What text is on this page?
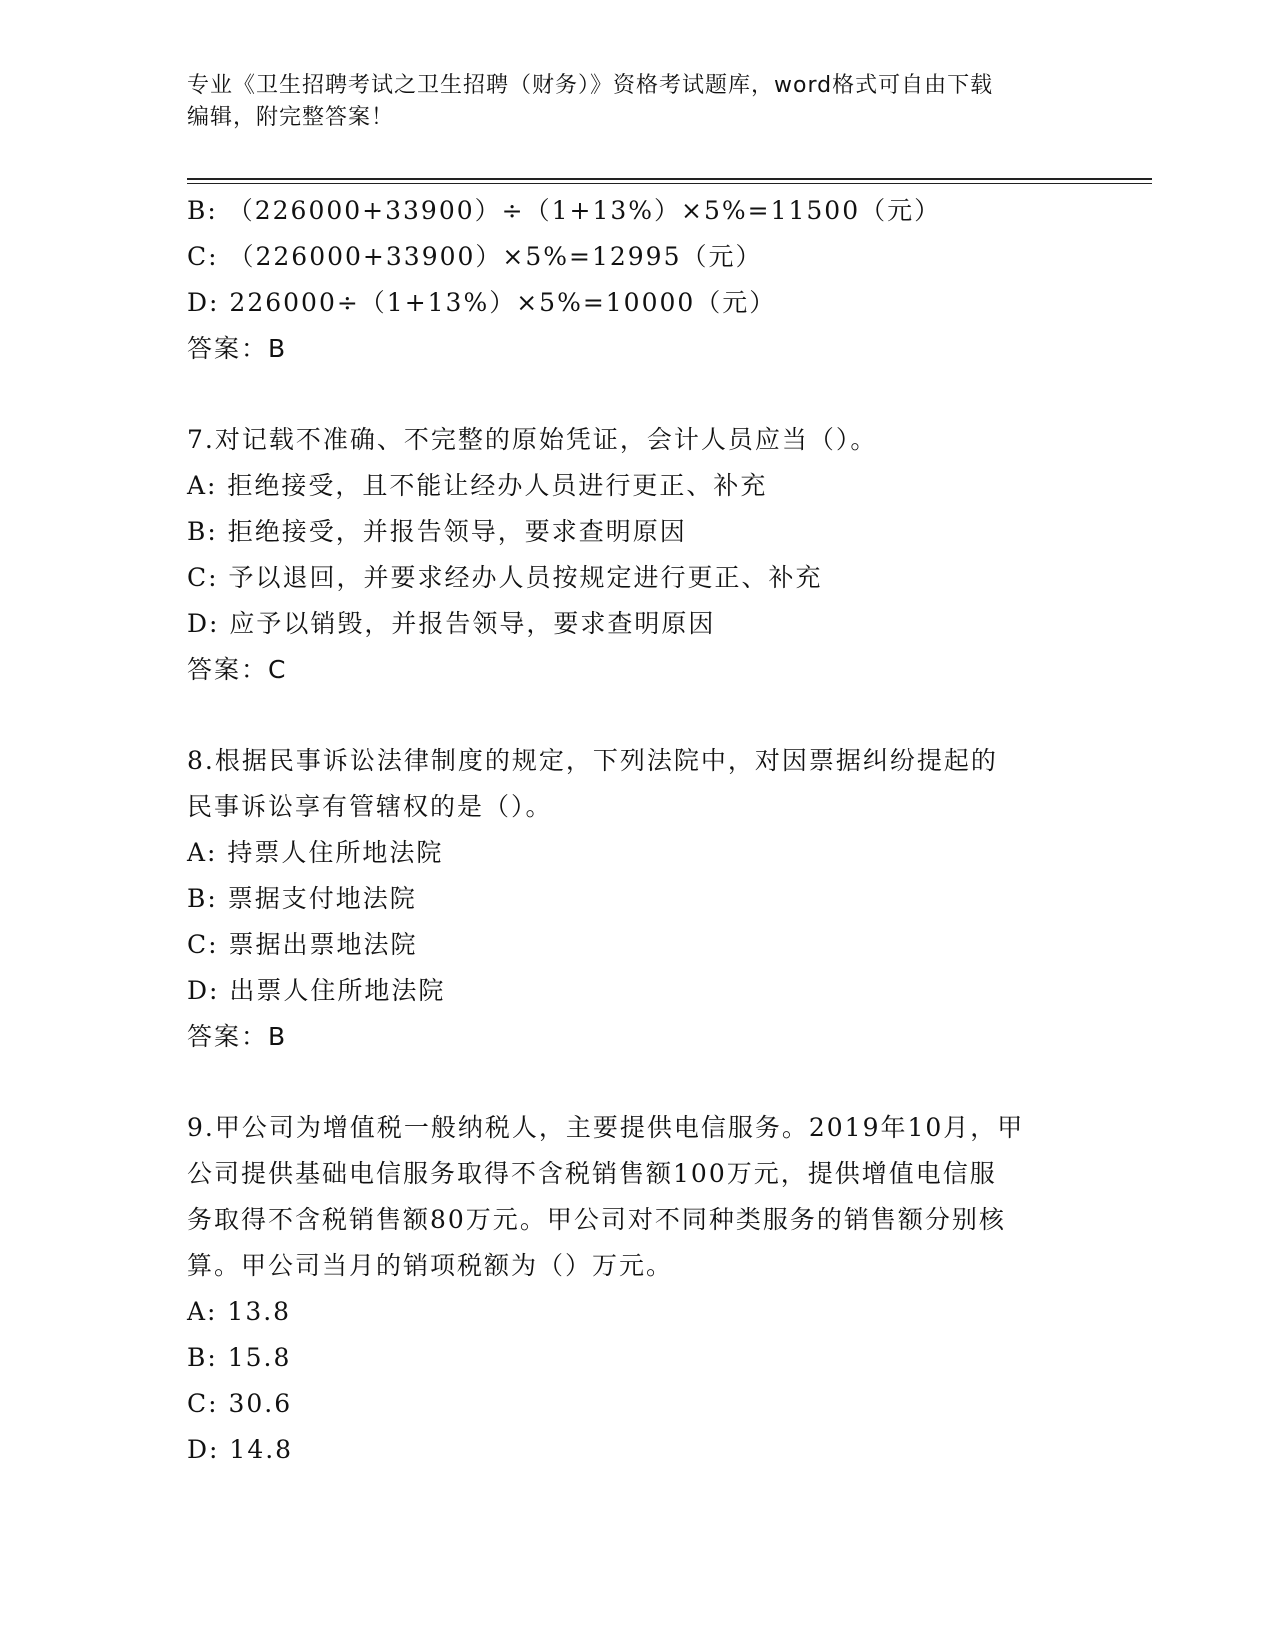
专业《卫生招聘考试之卫生招聘（财务）》资格考试题库，word格式可自由下载
编辑，附完整答案！
B: （226000+33900）÷（1+13%）×5%=11500（元）
C: （226000+33900）×5%=12995（元）
D: 226000÷（1+13%）×5%=10000（元）
答案：B
7.对记载不准确、不完整的原始凭证，会计人员应当（）。
A: 拒绝接受，且不能让经办人员进行更正、补充
B: 拒绝接受，并报告领导，要求查明原因
C: 予以退回，并要求经办人员按规定进行更正、补充
D: 应予以销毁，并报告领导，要求查明原因
答案：C
8.根据民事诉讼法律制度的规定，下列法院中，对因票据纠纷提起的
民事诉讼享有管辖权的是（）。
A: 持票人住所地法院
B: 票据支付地法院
C: 票据出票地法院
D: 出票人住所地法院
答案：B
9.甲公司为增值税一般纳税人，主要提供电信服务。2019年10月，甲
公司提供基础电信服务取得不含税销售额100万元，提供增值电信服
务取得不含税销售额80万元。甲公司对不同种类服务的销售额分别核
算。甲公司当月的销项税额为（）万元。
A: 13.8
B: 15.8
C: 30.6
D: 14.8
